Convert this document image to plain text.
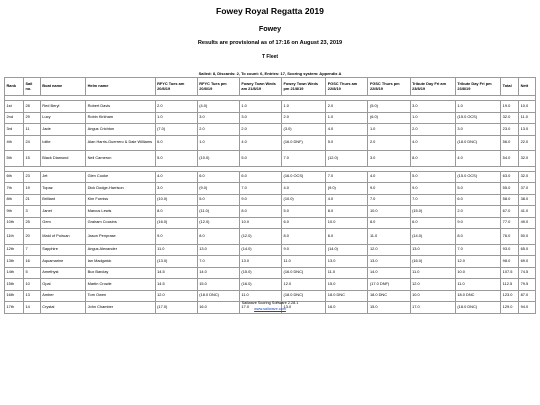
Fowey Royal Regatta 2019
Fowey
Results are provisional as of 17:16 on August 23, 2019
T Fleet
Sailed: 8, Discards: 2, To count: 6, Entries: 17, Scoring system: Appendix A
Rank	Sail no.	Boat name	Helm name	RFYC Tues am 20/8/19	RFYC Tues pm 20/8/19	Fowey Town Weds am 21/8/19	Fowey Town Weds pm 21/8/19	FGSC Thurs am 22/8/19	FGSC Thurs pm 22/8/19	Tribute Day Fri am 23/8/19	Tribute Day Fri pm 23/8/19	Total	Nett

1st	28	Red Beryl	Robert Davis	2.0	(4.0)	1.0	1.0	2.0	(5.0)	3.0	1.0	19.0	10.0
2nd	29	Lucy	Robin Kirkham	1.0	3.0	3.0	2.0	1.0	(6.0)	1.0	(15.0 OCS)	32.0	11.0
3rd	11	Jade	Angus Crichton	(7.0)	2.0	2.0	(3.0)	4.0	1.0	2.0	3.0	23.0	13.0
4th	24	Iolite	Alan Harris-Guerrero & Dale Williams	6.0	1.0	4.0	(16.0 DNF)	5.0	2.0	4.0	(18.0 DNC)	56.0	22.0
5th	15	Black Diamond	Neil Cameron	5.0	(10.0)	5.0	7.0	(12.0)	3.0	8.0	4.0	54.0	32.0

6th	23	Jet	Glen Cooke	4.0	6.0	6.0	(16.0 OCS)	7.0	4.0	5.0	(15.0 OCS)	63.0	32.0
7th	19	Topaz	Dick Dodge-Harrison	3.0	(9.0)	7.0	4.0	(9.0)	9.0	9.0	5.0	55.0	37.0
8th	21	Brilliant	Kim Furniss	(10.0)	5.0	9.0	(10.0)	4.0	7.0	7.0	6.0	58.0	38.0
9th	3	Janet	Marcus Lewis	8.0	(11.0)	8.0	5.0	8.0	10.0	(15.0)	2.0	67.0	41.0
10th	25	Gem	Graham Cousins	(16.0)	(12.0)	10.0	6.0	10.0	8.0	6.0	9.0	77.0	49.0
11th	20	Maid of Polruan	Jason Penprase	9.0	8.0	(12.0)	8.0	6.0	11.0	(14.0)	8.0	76.0	50.0
12th	7	Sapphire	Angus Alexander	11.0	13.0	(14.0)	9.0	(14.0)	12.0	13.0	7.0	93.0	65.0
13th	16	Aquamarine	Ian Madgwick	(13.0)	7.0	13.0	11.0	13.0	13.0	(16.0)	12.0	98.0	69.0
14th	5	Amethyst	Bux Barclay	14.5	14.0	(15.0)	(16.0 DNC)	11.0	14.0	11.0	10.0	107.5	74.5
15th	10	Opal	Martin Crowle	14.5	15.0	(16.0)	12.0	15.0	(17.0 DNF)	12.0	11.0	112.5	79.5
16th	13	Amber	Tom Owen	12.0	(18.0 DNC)	11.0	(18.0 DNC)	18.0 DNC	18.0 DNC	10.0	18.0 DNC	123.0	87.0
17th	14	Crystal	John Chamber	(17.0)	16.0	17.0	13.0	16.0	15.0	17.0	(18.0 DNC)	129.0	94.0
Sailwave Scoring Software 2.28.1
www.sailwave.com
